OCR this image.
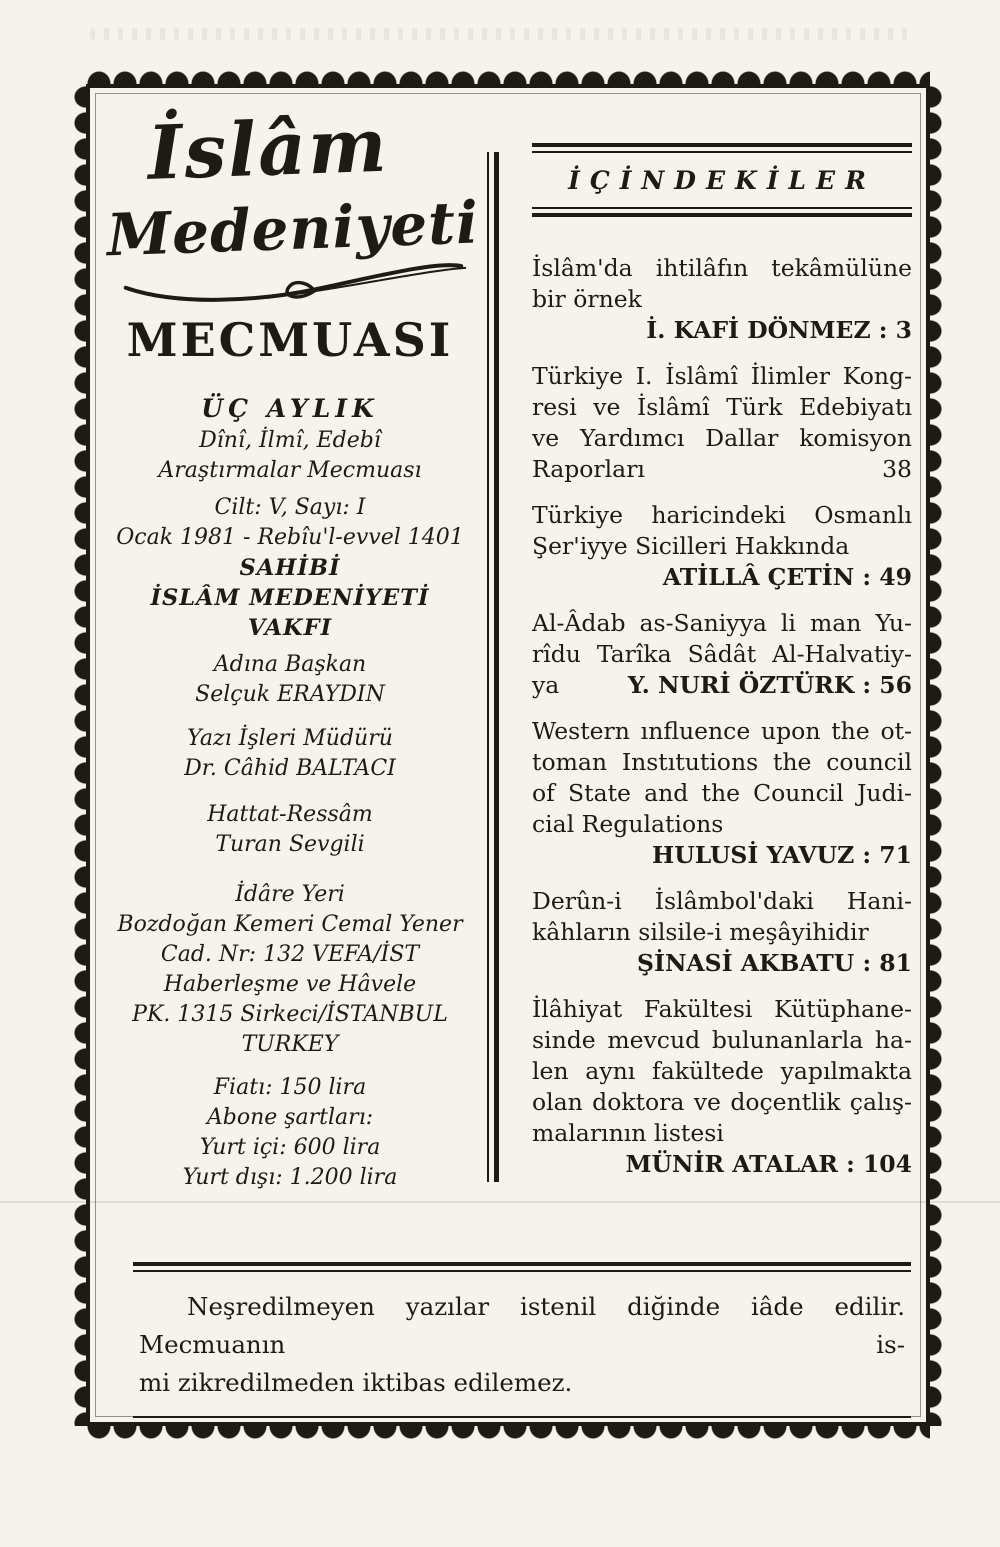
İslâm
Medeniyeti
MECMUASI
ÜÇ AYLIK
Dînî, İlmî, Edebî
Araştırmalar Mecmuası
Cilt: V, Sayı: I
Ocak 1981 - Rebîu'l-evvel 1401
SAHİBİ
İSLÂM MEDENİYETİ VAKFI
Adına Başkan
Selçuk ERAYDIN
Yazı İşleri Müdürü
Dr. Câhid BALTACI
Hattat-Ressâm
Turan Sevgili
İdâre Yeri
Bozdoğan Kemeri Cemal Yener
Cad. Nr: 132 VEFA/İST
Haberleşme ve Hâvele
PK. 1315 Sirkeci/İSTANBUL
TURKEY
Fiatı: 150 lira
Abone şartları:
Yurt içi: 600 lira
Yurt dışı: 1.200 lira
İÇİNDEKİLER
İslâm'da ihtilâfın tekâmülüne
bir örnek
İ. KAFİ DÖNMEZ : 3
Türkiye I. İslâmî İlimler Kong-
resi ve İslâmî Türk Edebiyatı
ve Yardımcı Dallar komisyon
Raporları	38
Türkiye haricindeki Osmanlı
Şer'iyye Sicilleri Hakkında
ATİLLÂ ÇETİN : 49
Al-Âdab as-Saniyya li man Yu-
rîdu Tarîka Sâdât Al-Halvatiy-
ya	Y. NURİ ÖZTÜRK : 56
Western ınfluence upon the ot-
toman Instıtutions the council
of State and the Council Judi-
cial Regulations
HULUSİ YAVUZ : 71
Derûn-i İslâmbol'daki Hani-
kâhların silsile-i meşâyihidir
ŞİNASİ AKBATU : 81
İlâhiyat Fakültesi Kütüphane-
sinde mevcud bulunanlarla ha-
len aynı fakültede yapılmakta
olan doktora ve doçentlik çalış-
malarının listesi
MÜNİR ATALAR : 104
Neşredilmeyen yazılar istenil diğinde iâde edilir. Mecmuanın is-
mi zikredilmeden iktibas edilemez.
